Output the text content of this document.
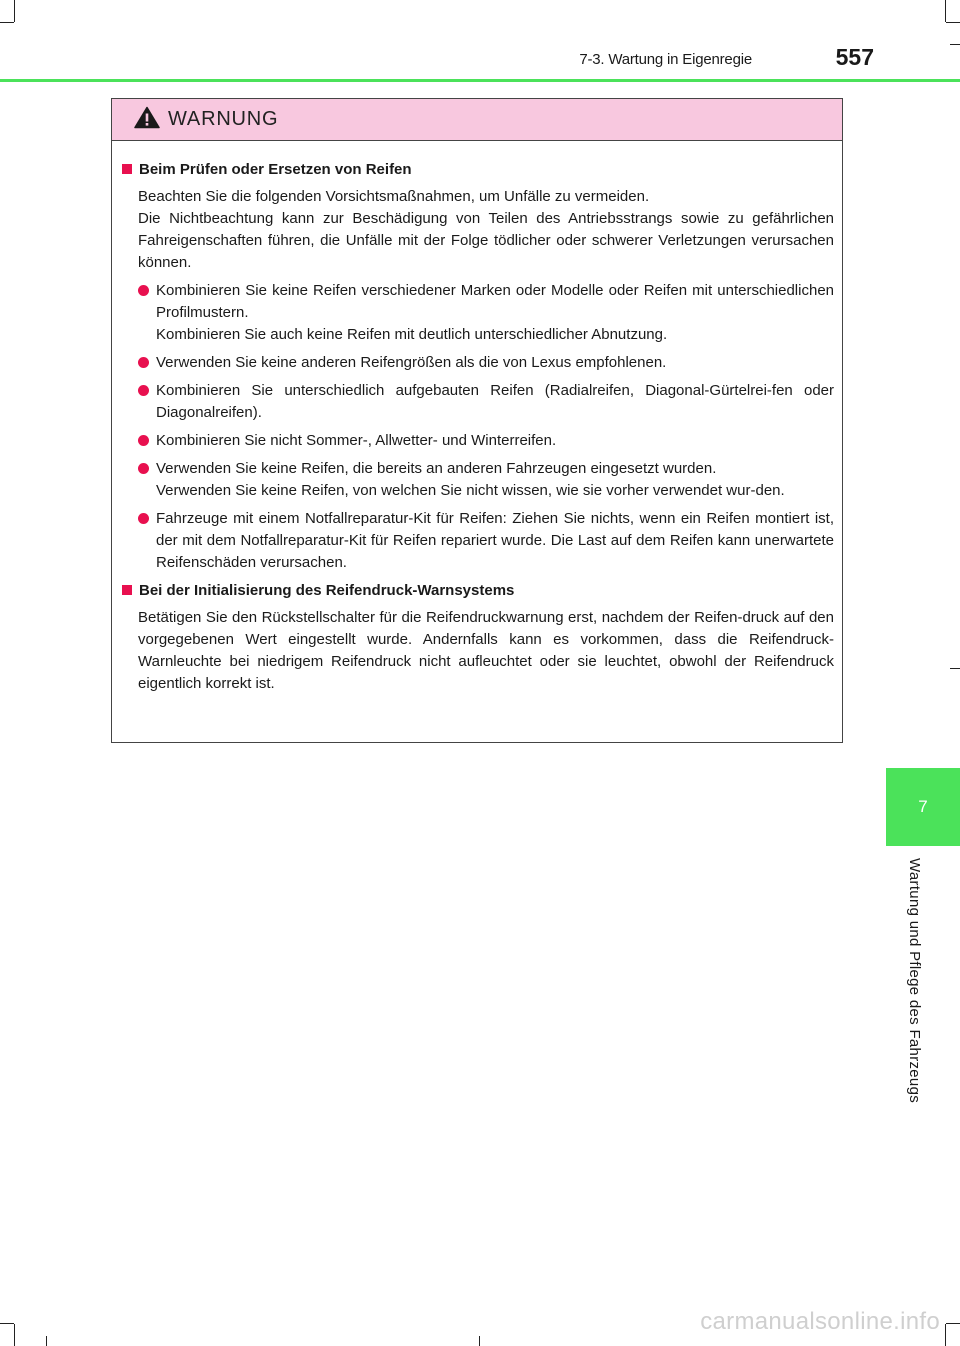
7-3. Wartung in Eigenregie	557
7
Wartung und Pflege des Fahrzeugs
WARNUNG
Beim Prüfen oder Ersetzen von Reifen
Beachten Sie die folgenden Vorsichtsmaßnahmen, um Unfälle zu vermeiden.
Die Nichtbeachtung kann zur Beschädigung von Teilen des Antriebsstrangs sowie zu gefährlichen Fahreigenschaften führen, die Unfälle mit der Folge tödlicher oder schwerer Verletzungen verursachen können.
Kombinieren Sie keine Reifen verschiedener Marken oder Modelle oder Reifen mit unterschiedlichen Profilmustern.
Kombinieren Sie auch keine Reifen mit deutlich unterschiedlicher Abnutzung.
Verwenden Sie keine anderen Reifengrößen als die von Lexus empfohlenen.
Kombinieren Sie unterschiedlich aufgebauten Reifen (Radialreifen, Diagonal-Gürtelrei-fen oder Diagonalreifen).
Kombinieren Sie nicht Sommer-, Allwetter- und Winterreifen.
Verwenden Sie keine Reifen, die bereits an anderen Fahrzeugen eingesetzt wurden.
Verwenden Sie keine Reifen, von welchen Sie nicht wissen, wie sie vorher verwendet wur-den.
Fahrzeuge mit einem Notfallreparatur-Kit für Reifen: Ziehen Sie nichts, wenn ein Reifen montiert ist, der mit dem Notfallreparatur-Kit für Reifen repariert wurde. Die Last auf dem Reifen kann unerwartete Reifenschäden verursachen.
Bei der Initialisierung des Reifendruck-Warnsystems
Betätigen Sie den Rückstellschalter für die Reifendruckwarnung erst, nachdem der Reifen-druck auf den vorgegebenen Wert eingestellt wurde. Andernfalls kann es vorkommen, dass die Reifendruck-Warnleuchte bei niedrigem Reifendruck nicht aufleuchtet oder sie leuchtet, obwohl der Reifendruck eigentlich korrekt ist.
carmanualsonline.info
